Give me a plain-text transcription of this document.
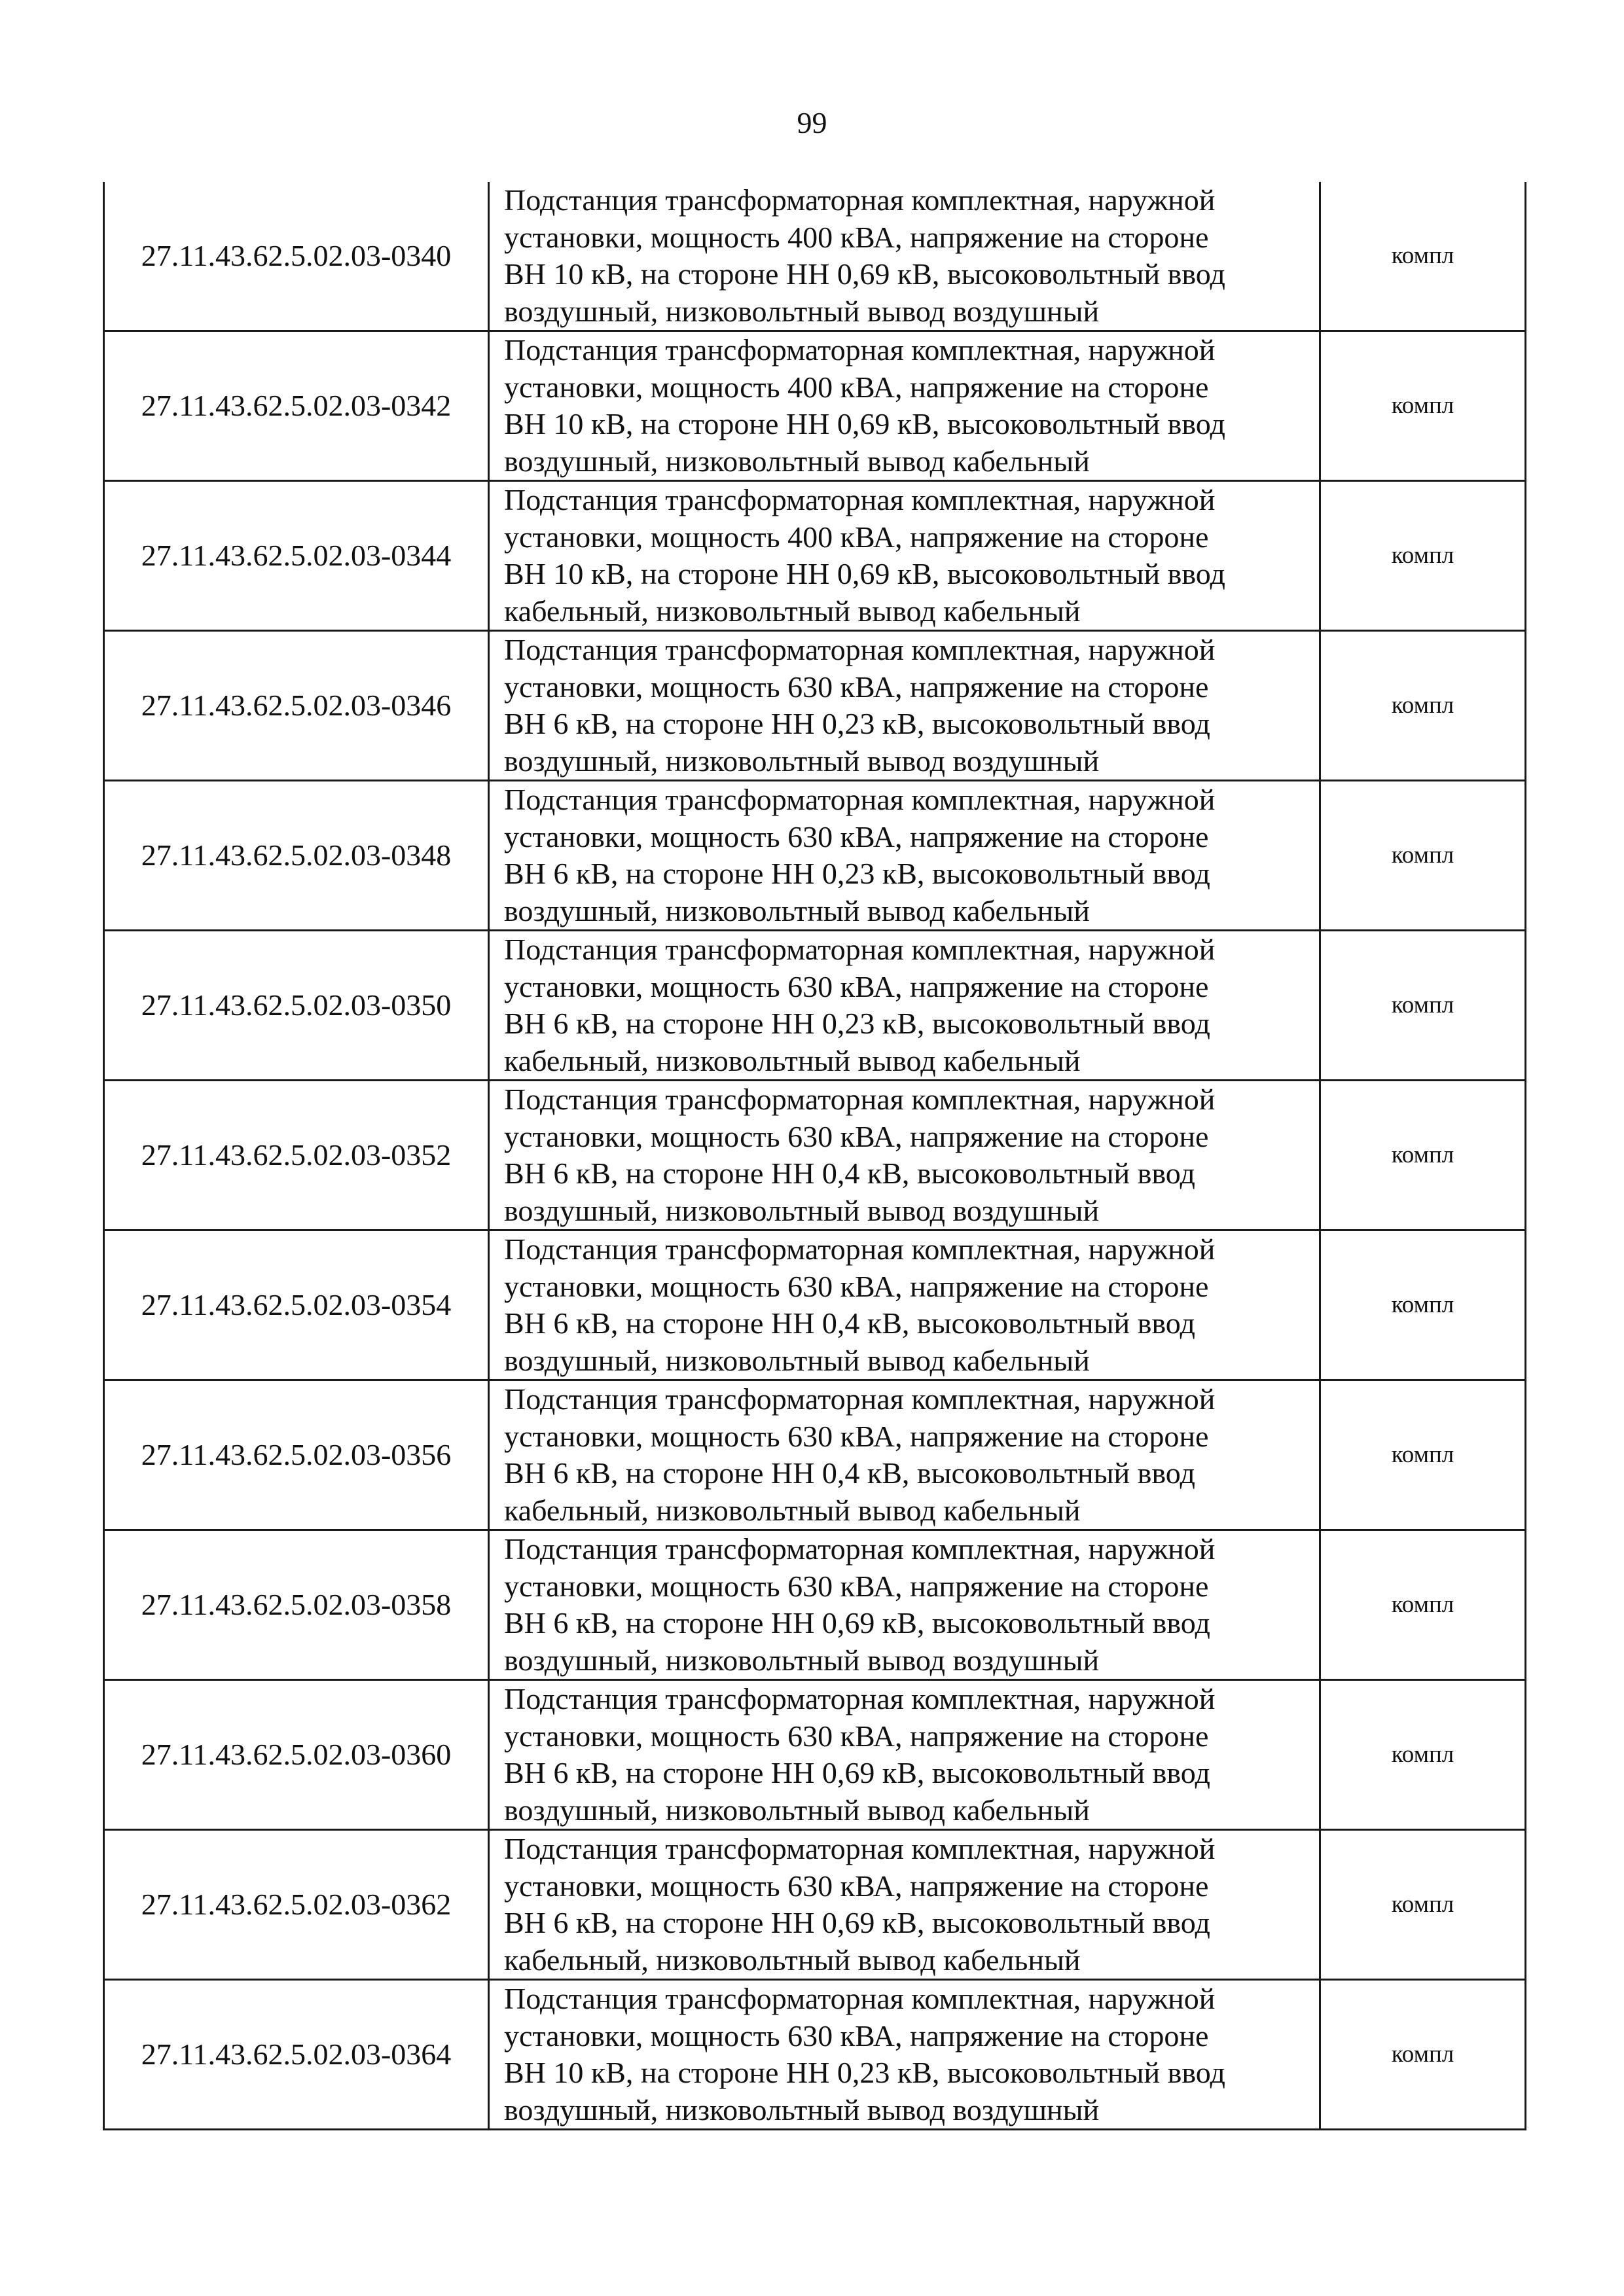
99
27.11.43.62.5.02.03-0340	Подстанция трансформаторная комплектная, наружной
установки, мощность 400 кВА, напряжение на стороне
ВН 10 кВ, на стороне НН 0,69 кВ, высоковольтный ввод
воздушный, низковольтный вывод воздушный	компл
27.11.43.62.5.02.03-0342	Подстанция трансформаторная комплектная, наружной
установки, мощность 400 кВА, напряжение на стороне
ВН 10 кВ, на стороне НН 0,69 кВ, высоковольтный ввод
воздушный, низковольтный вывод кабельный	компл
27.11.43.62.5.02.03-0344	Подстанция трансформаторная комплектная, наружной
установки, мощность 400 кВА, напряжение на стороне
ВН 10 кВ, на стороне НН 0,69 кВ, высоковольтный ввод
кабельный, низковольтный вывод кабельный	компл
27.11.43.62.5.02.03-0346	Подстанция трансформаторная комплектная, наружной
установки, мощность 630 кВА, напряжение на стороне
ВН 6 кВ, на стороне НН 0,23 кВ, высоковольтный ввод
воздушный, низковольтный вывод воздушный	компл
27.11.43.62.5.02.03-0348	Подстанция трансформаторная комплектная, наружной
установки, мощность 630 кВА, напряжение на стороне
ВН 6 кВ, на стороне НН 0,23 кВ, высоковольтный ввод
воздушный, низковольтный вывод кабельный	компл
27.11.43.62.5.02.03-0350	Подстанция трансформаторная комплектная, наружной
установки, мощность 630 кВА, напряжение на стороне
ВН 6 кВ, на стороне НН 0,23 кВ, высоковольтный ввод
кабельный, низковольтный вывод кабельный	компл
27.11.43.62.5.02.03-0352	Подстанция трансформаторная комплектная, наружной
установки, мощность 630 кВА, напряжение на стороне
ВН 6 кВ, на стороне НН 0,4 кВ, высоковольтный ввод
воздушный, низковольтный вывод воздушный	компл
27.11.43.62.5.02.03-0354	Подстанция трансформаторная комплектная, наружной
установки, мощность 630 кВА, напряжение на стороне
ВН 6 кВ, на стороне НН 0,4 кВ, высоковольтный ввод
воздушный, низковольтный вывод кабельный	компл
27.11.43.62.5.02.03-0356	Подстанция трансформаторная комплектная, наружной
установки, мощность 630 кВА, напряжение на стороне
ВН 6 кВ, на стороне НН 0,4 кВ, высоковольтный ввод
кабельный, низковольтный вывод кабельный	компл
27.11.43.62.5.02.03-0358	Подстанция трансформаторная комплектная, наружной
установки, мощность 630 кВА, напряжение на стороне
ВН 6 кВ, на стороне НН 0,69 кВ, высоковольтный ввод
воздушный, низковольтный вывод воздушный	компл
27.11.43.62.5.02.03-0360	Подстанция трансформаторная комплектная, наружной
установки, мощность 630 кВА, напряжение на стороне
ВН 6 кВ, на стороне НН 0,69 кВ, высоковольтный ввод
воздушный, низковольтный вывод кабельный	компл
27.11.43.62.5.02.03-0362	Подстанция трансформаторная комплектная, наружной
установки, мощность 630 кВА, напряжение на стороне
ВН 6 кВ, на стороне НН 0,69 кВ, высоковольтный ввод
кабельный, низковольтный вывод кабельный	компл
27.11.43.62.5.02.03-0364	Подстанция трансформаторная комплектная, наружной
установки, мощность 630 кВА, напряжение на стороне
ВН 10 кВ, на стороне НН 0,23 кВ, высоковольтный ввод
воздушный, низковольтный вывод воздушный	компл
